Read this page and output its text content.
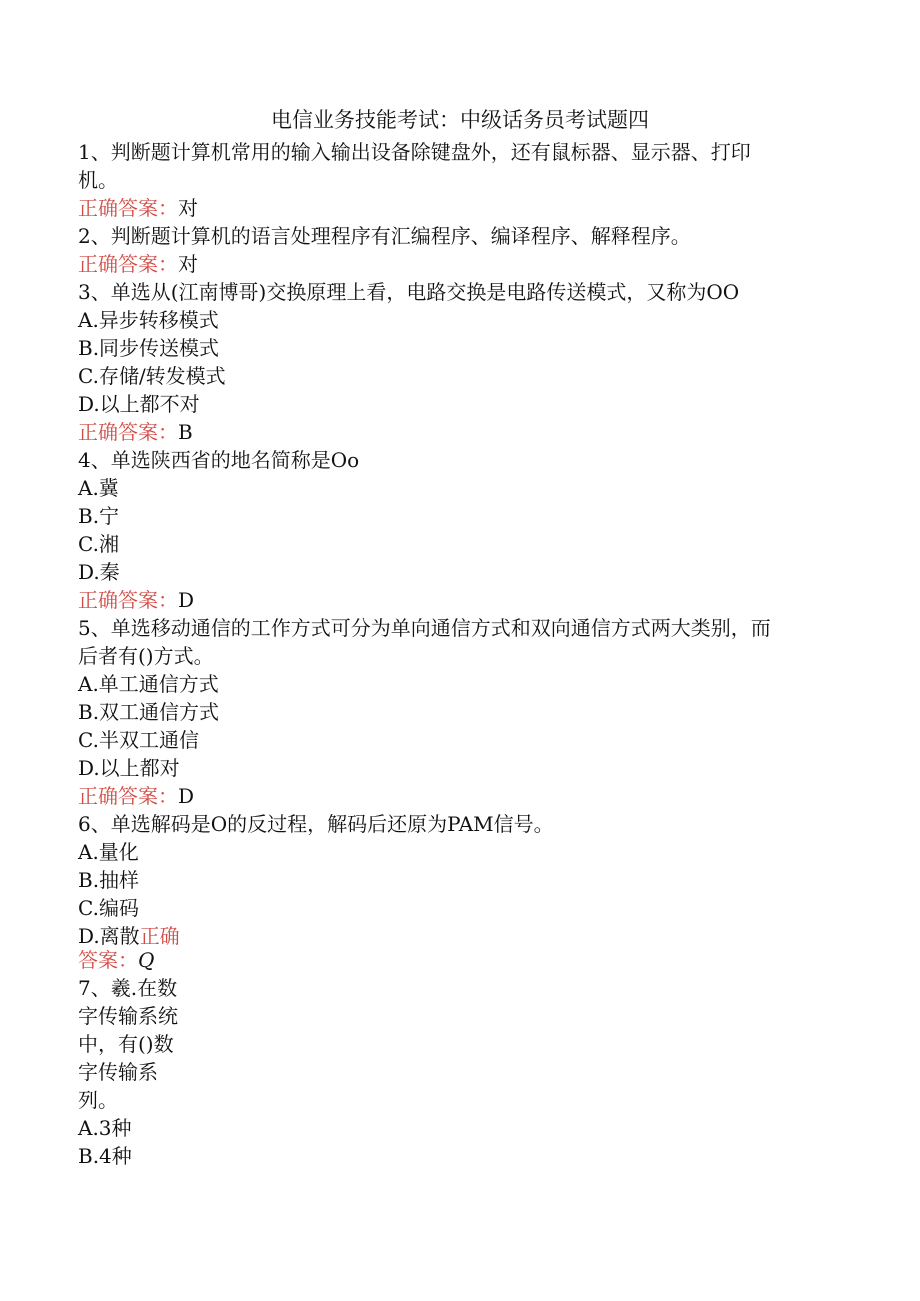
电信业务技能考试：中级话务员考试题四
1、判断题计算机常用的输入输出设备除键盘外，还有鼠标器、显示器、打印
机。
正确答案：对
2、判断题计算机的语言处理程序有汇编程序、编译程序、解释程序。
正确答案：对
3、单选从(江南博哥)交换原理上看，电路交换是电路传送模式，又称为OO
A.异步转移模式
B.同步传送模式
C.存储/转发模式
D.以上都不对
正确答案：B
4、单选陕西省的地名简称是Oo
A.冀
B.宁
C.湘
D.秦
正确答案：D
5、单选移动通信的工作方式可分为单向通信方式和双向通信方式两大类别，而
后者有()方式。
A.单工通信方式
B.双工通信方式
C.半双工通信
D.以上都对
正确答案：D
6、单选解码是O的反过程，解码后还原为PAM信号。
A.量化
B.抽样
C.编码
D.离散正确
答案：Q
7、羲.在数
字传输系统
中，有()数
字传输系
列。
A.3种
B.4种
